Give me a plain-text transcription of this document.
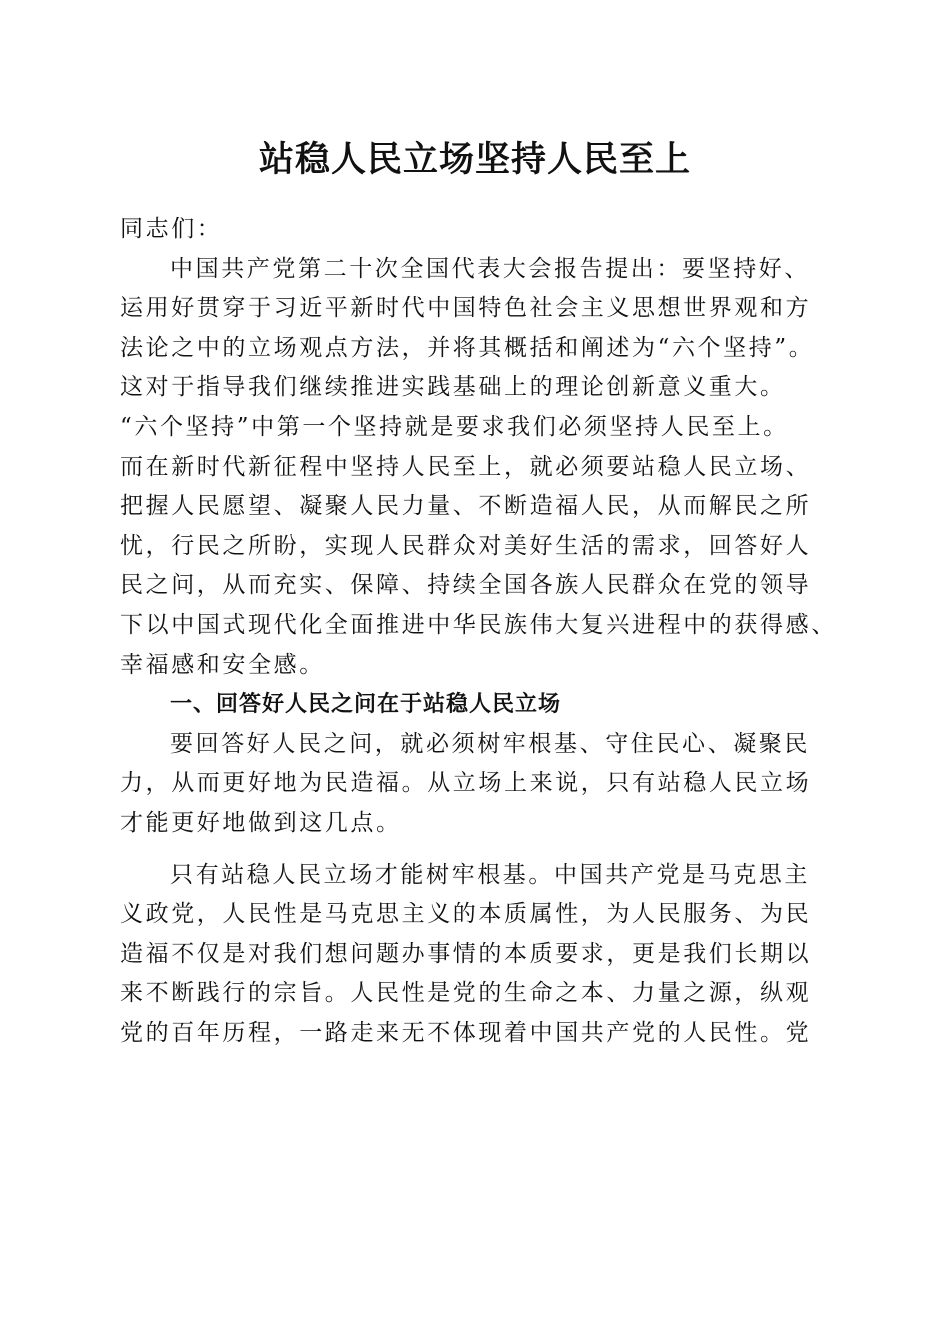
站稳人民立场坚持人民至上
同志们：
中国共产党第二十次全国代表大会报告提出：要坚持好、
运用好贯穿于习近平新时代中国特色社会主义思想世界观和方
法论之中的立场观点方法，并将其概括和阐述为“六个坚持”。
这对于指导我们继续推进实践基础上的理论创新意义重大。
“六个坚持”中第一个坚持就是要求我们必须坚持人民至上。
而在新时代新征程中坚持人民至上，就必须要站稳人民立场、
把握人民愿望、凝聚人民力量、不断造福人民，从而解民之所
忧，行民之所盼，实现人民群众对美好生活的需求，回答好人
民之问，从而充实、保障、持续全国各族人民群众在党的领导
下以中国式现代化全面推进中华民族伟大复兴进程中的获得感、
幸福感和安全感。
一、回答好人民之问在于站稳人民立场
要回答好人民之问，就必须树牢根基、守住民心、凝聚民
力，从而更好地为民造福。从立场上来说，只有站稳人民立场
才能更好地做到这几点。
只有站稳人民立场才能树牢根基。中国共产党是马克思主
义政党，人民性是马克思主义的本质属性，为人民服务、为民
造福不仅是对我们想问题办事情的本质要求，更是我们长期以
来不断践行的宗旨。人民性是党的生命之本、力量之源，纵观
党的百年历程，一路走来无不体现着中国共产党的人民性。党
